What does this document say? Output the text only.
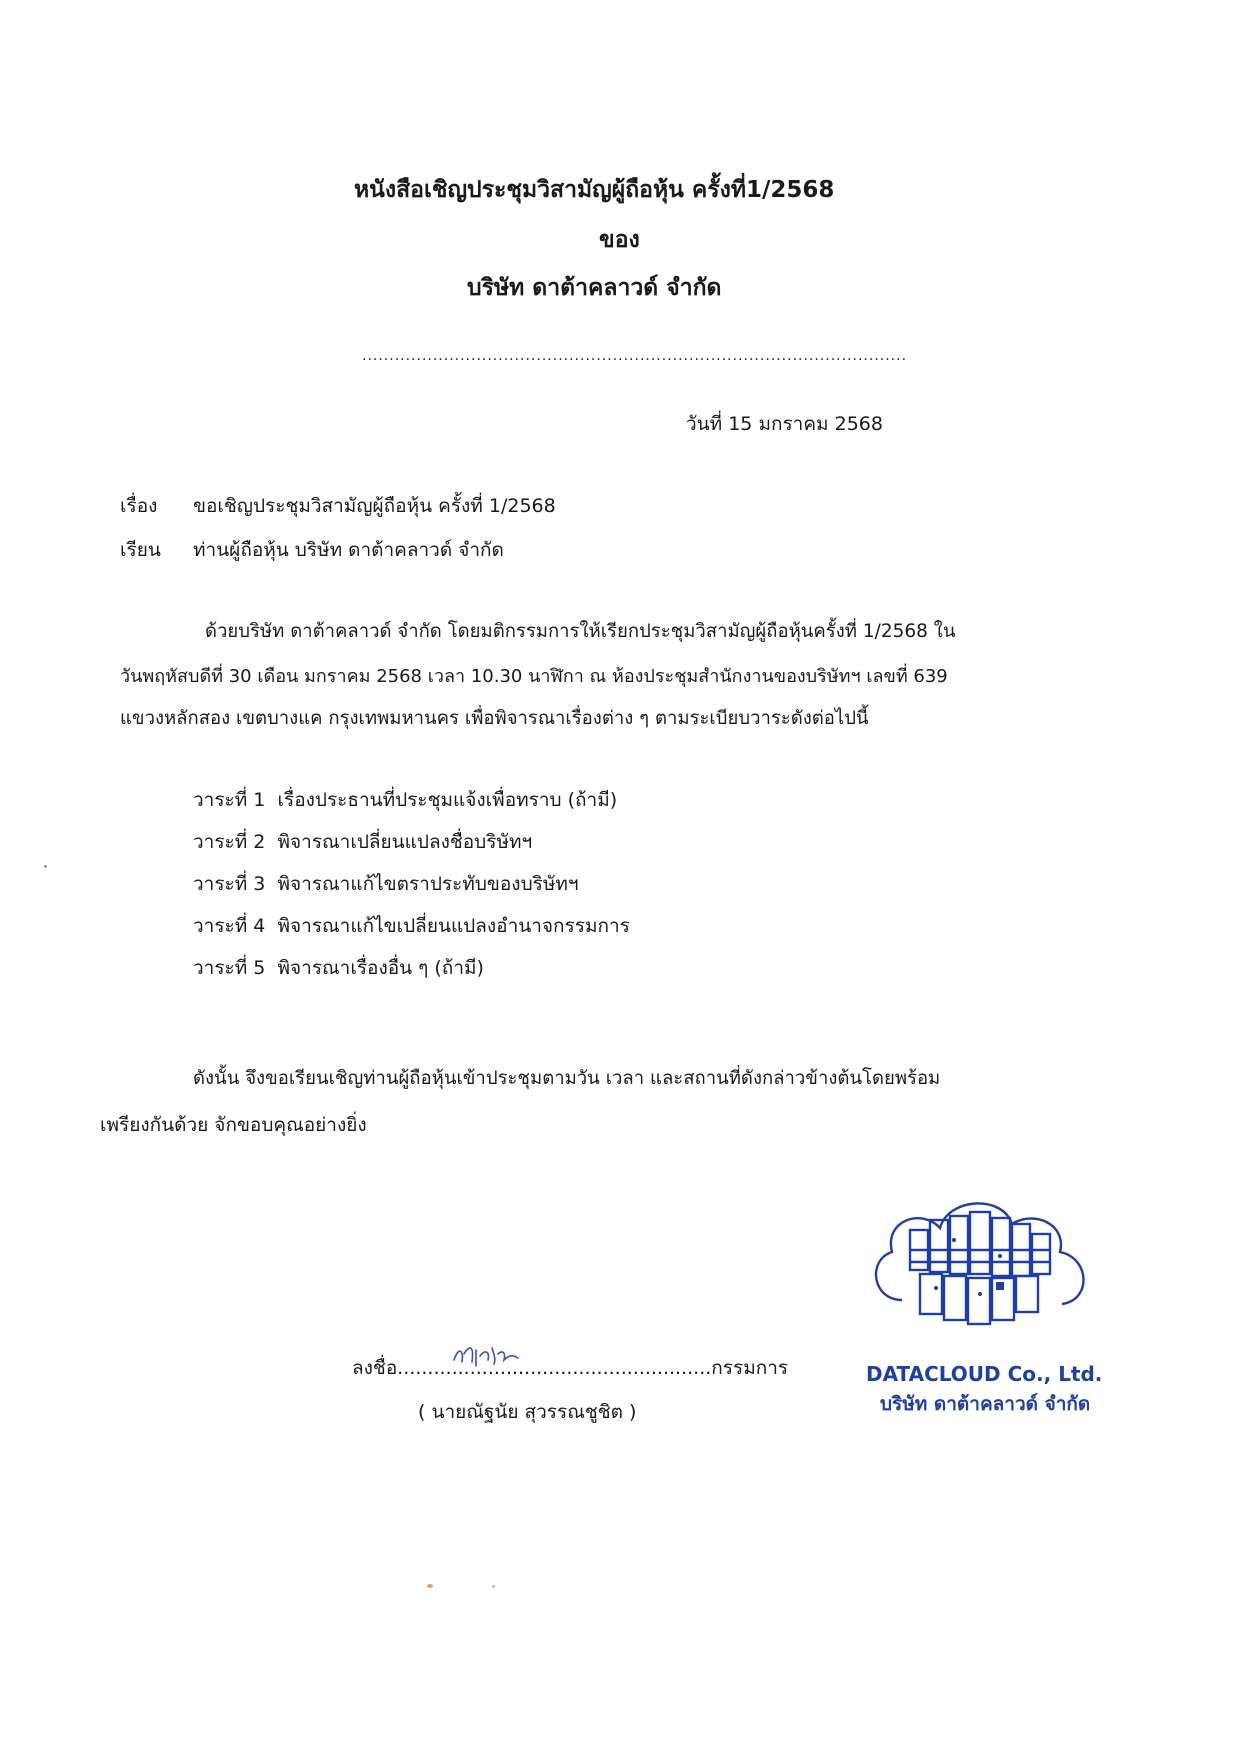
หนังสือเชิญประชุมวิสามัญผู้ถือหุ้น ครั้งที่1/2568
ของ
บริษัท ดาต้าคลาวด์ จำกัด
....................................................................................................
วันที่ 15 มกราคม 2568
เรื่อง ขอเชิญประชุมวิสามัญผู้ถือหุ้น ครั้งที่ 1/2568
เรียน ท่านผู้ถือหุ้น บริษัท ดาต้าคลาวด์ จำกัด
ด้วยบริษัท ดาต้าคลาวด์ จำกัด โดยมติกรรมการให้เรียกประชุมวิสามัญผู้ถือหุ้นครั้งที่ 1/2568 ใน
วันพฤหัสบดีที่ 30 เดือน มกราคม 2568 เวลา 10.30 นาฬิกา ณ ห้องประชุมสำนักงานของบริษัทฯ เลขที่ 639
แขวงหลักสอง เขตบางแค กรุงเทพมหานคร เพื่อพิจารณาเรื่องต่าง ๆ ตามระเบียบวาระดังต่อไปนี้
วาระที่ 1 เรื่องประธานที่ประชุมแจ้งเพื่อทราบ (ถ้ามี)
วาระที่ 2 พิจารณาเปลี่ยนแปลงชื่อบริษัทฯ
วาระที่ 3 พิจารณาแก้ไขตราประทับของบริษัทฯ
วาระที่ 4 พิจารณาแก้ไขเปลี่ยนแปลงอำนาจกรรมการ
วาระที่ 5 พิจารณาเรื่องอื่น ๆ (ถ้ามี)
ดังนั้น จึงขอเรียนเชิญท่านผู้ถือหุ้นเข้าประชุมตามวัน เวลา และสถานที่ดังกล่าวข้างต้นโดยพร้อม
เพรียงกันด้วย จักขอบคุณอย่างยิ่ง
ลงชื่อ....................................................กรรมการ
( นายณัฐนัย สุวรรณชูชิต )
DATACLOUD Co., Ltd.
บริษัท ดาต้าคลาวด์ จำกัด
